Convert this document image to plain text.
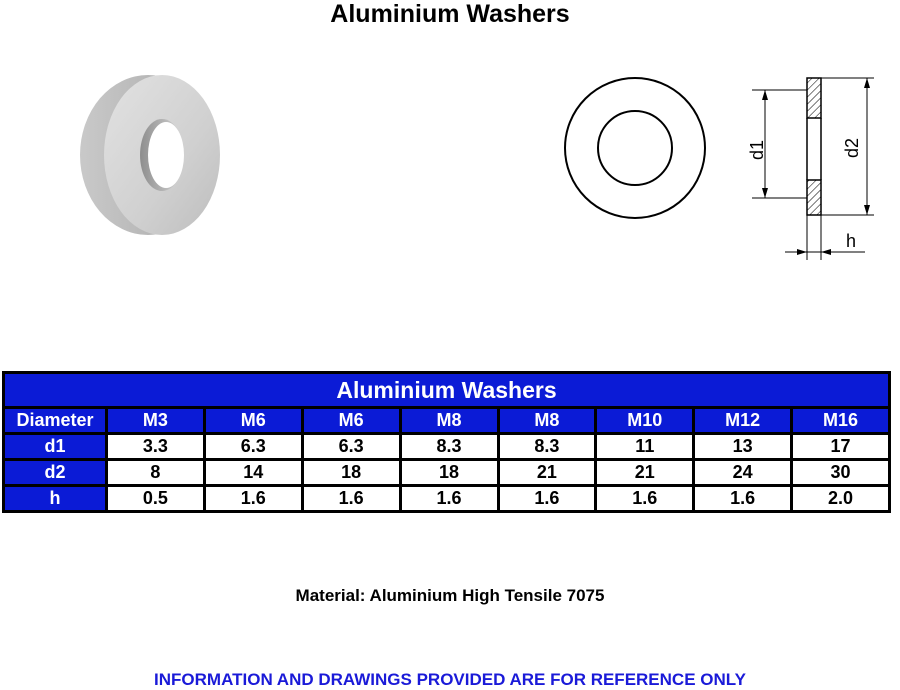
Aluminium Washers
d1	d2
h
Aluminium Washers								
Diameter	M3	M6	M6	M8	M8	M10	M12	M16
d1	3.3	6.3	6.3	8.3	8.3	11	13	17
d2	8	14	18	18	21	21	24	30
h	0.5	1.6	1.6	1.6	1.6	1.6	1.6	2.0
Material: Aluminium High Tensile 7075
INFORMATION AND DRAWINGS PROVIDED ARE FOR REFERENCE ONLY
